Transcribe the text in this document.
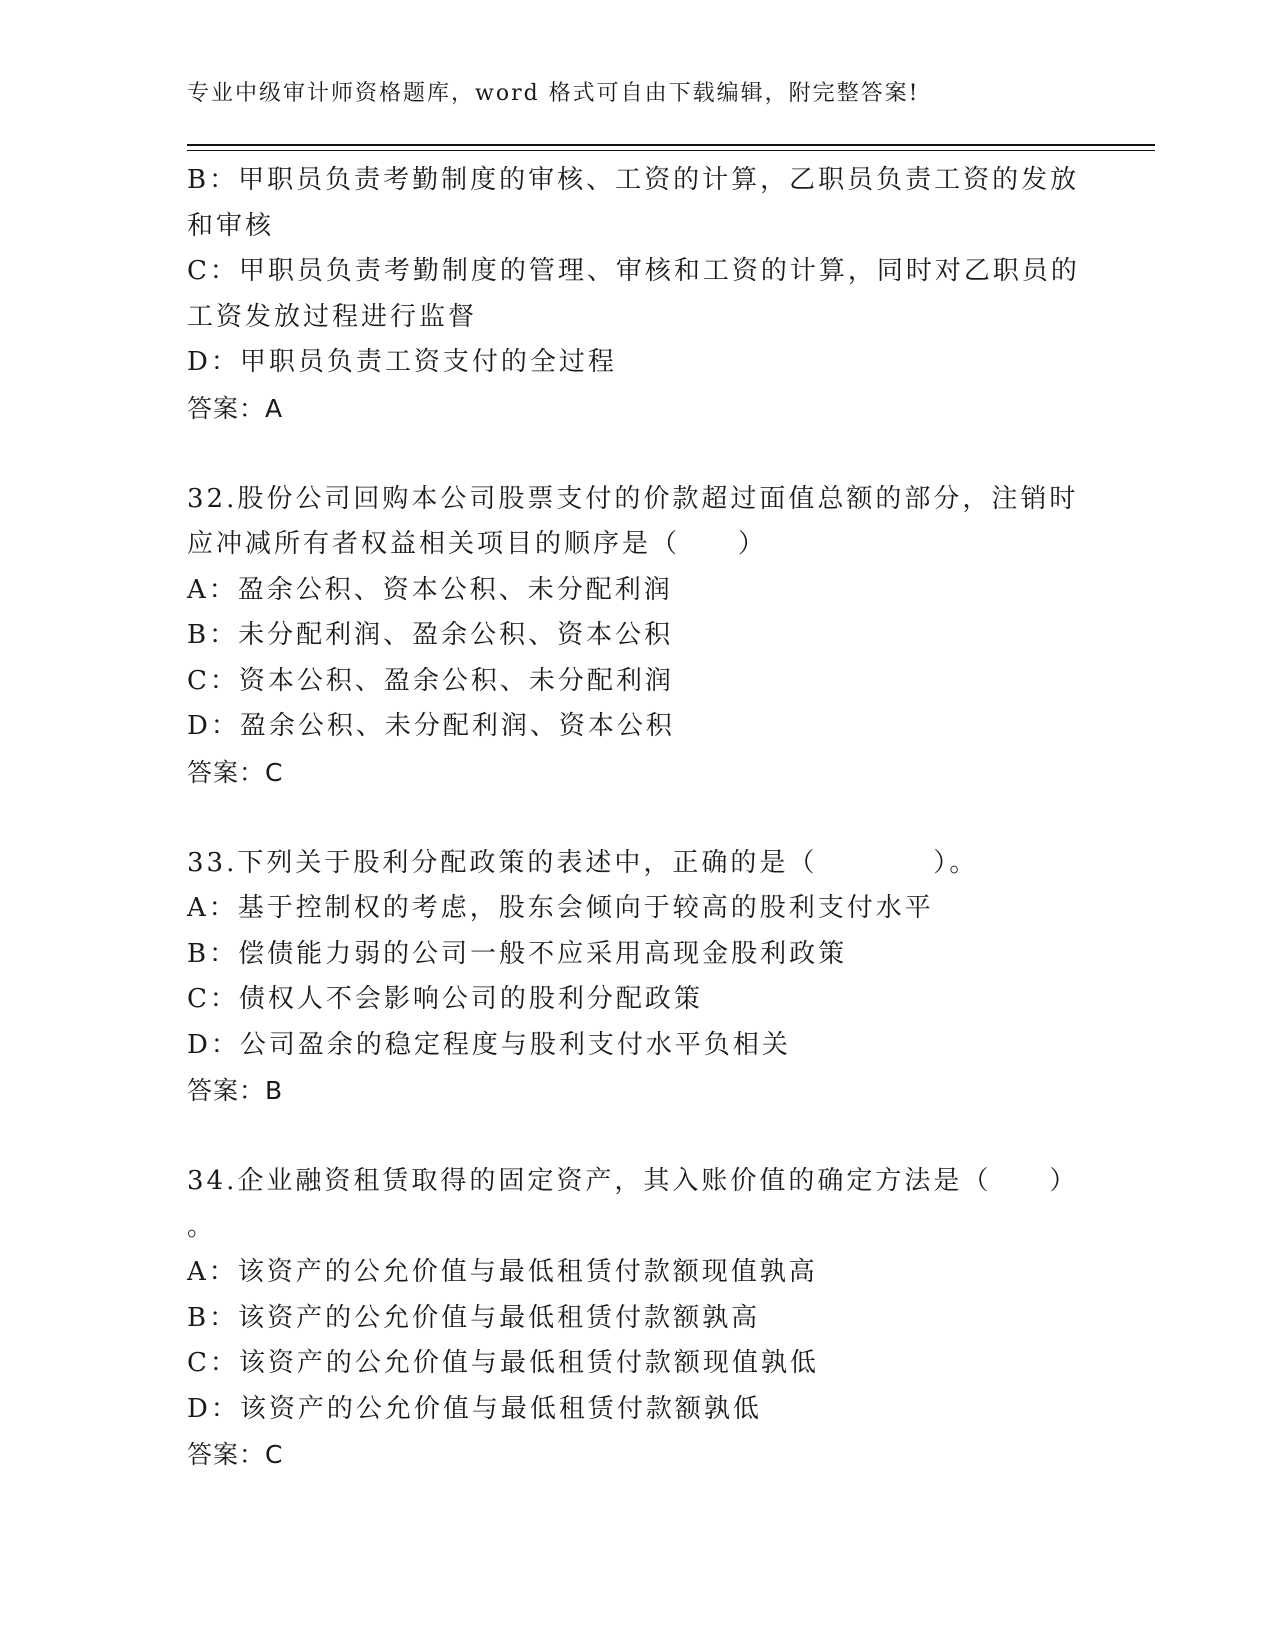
专业中级审计师资格题库，word 格式可自由下载编辑，附完整答案!
B：甲职员负责考勤制度的审核、工资的计算，乙职员负责工资的发放
和审核
C：甲职员负责考勤制度的管理、审核和工资的计算，同时对乙职员的
工资发放过程进行监督
D：甲职员负责工资支付的全过程
答案：A
32.股份公司回购本公司股票支付的价款超过面值总额的部分，注销时
应冲减所有者权益相关项目的顺序是（　　）
A：盈余公积、资本公积、未分配利润
B：未分配利润、盈余公积、资本公积
C：资本公积、盈余公积、未分配利润
D：盈余公积、未分配利润、资本公积
答案：C
33.下列关于股利分配政策的表述中，正确的是（　　　　）。
A：基于控制权的考虑，股东会倾向于较高的股利支付水平
B：偿债能力弱的公司一般不应采用高现金股利政策
C：债权人不会影响公司的股利分配政策
D：公司盈余的稳定程度与股利支付水平负相关
答案：B
34.企业融资租赁取得的固定资产，其入账价值的确定方法是（　　）
。
A：该资产的公允价值与最低租赁付款额现值孰高
B：该资产的公允价值与最低租赁付款额孰高
C：该资产的公允价值与最低租赁付款额现值孰低
D：该资产的公允价值与最低租赁付款额孰低
答案：C
